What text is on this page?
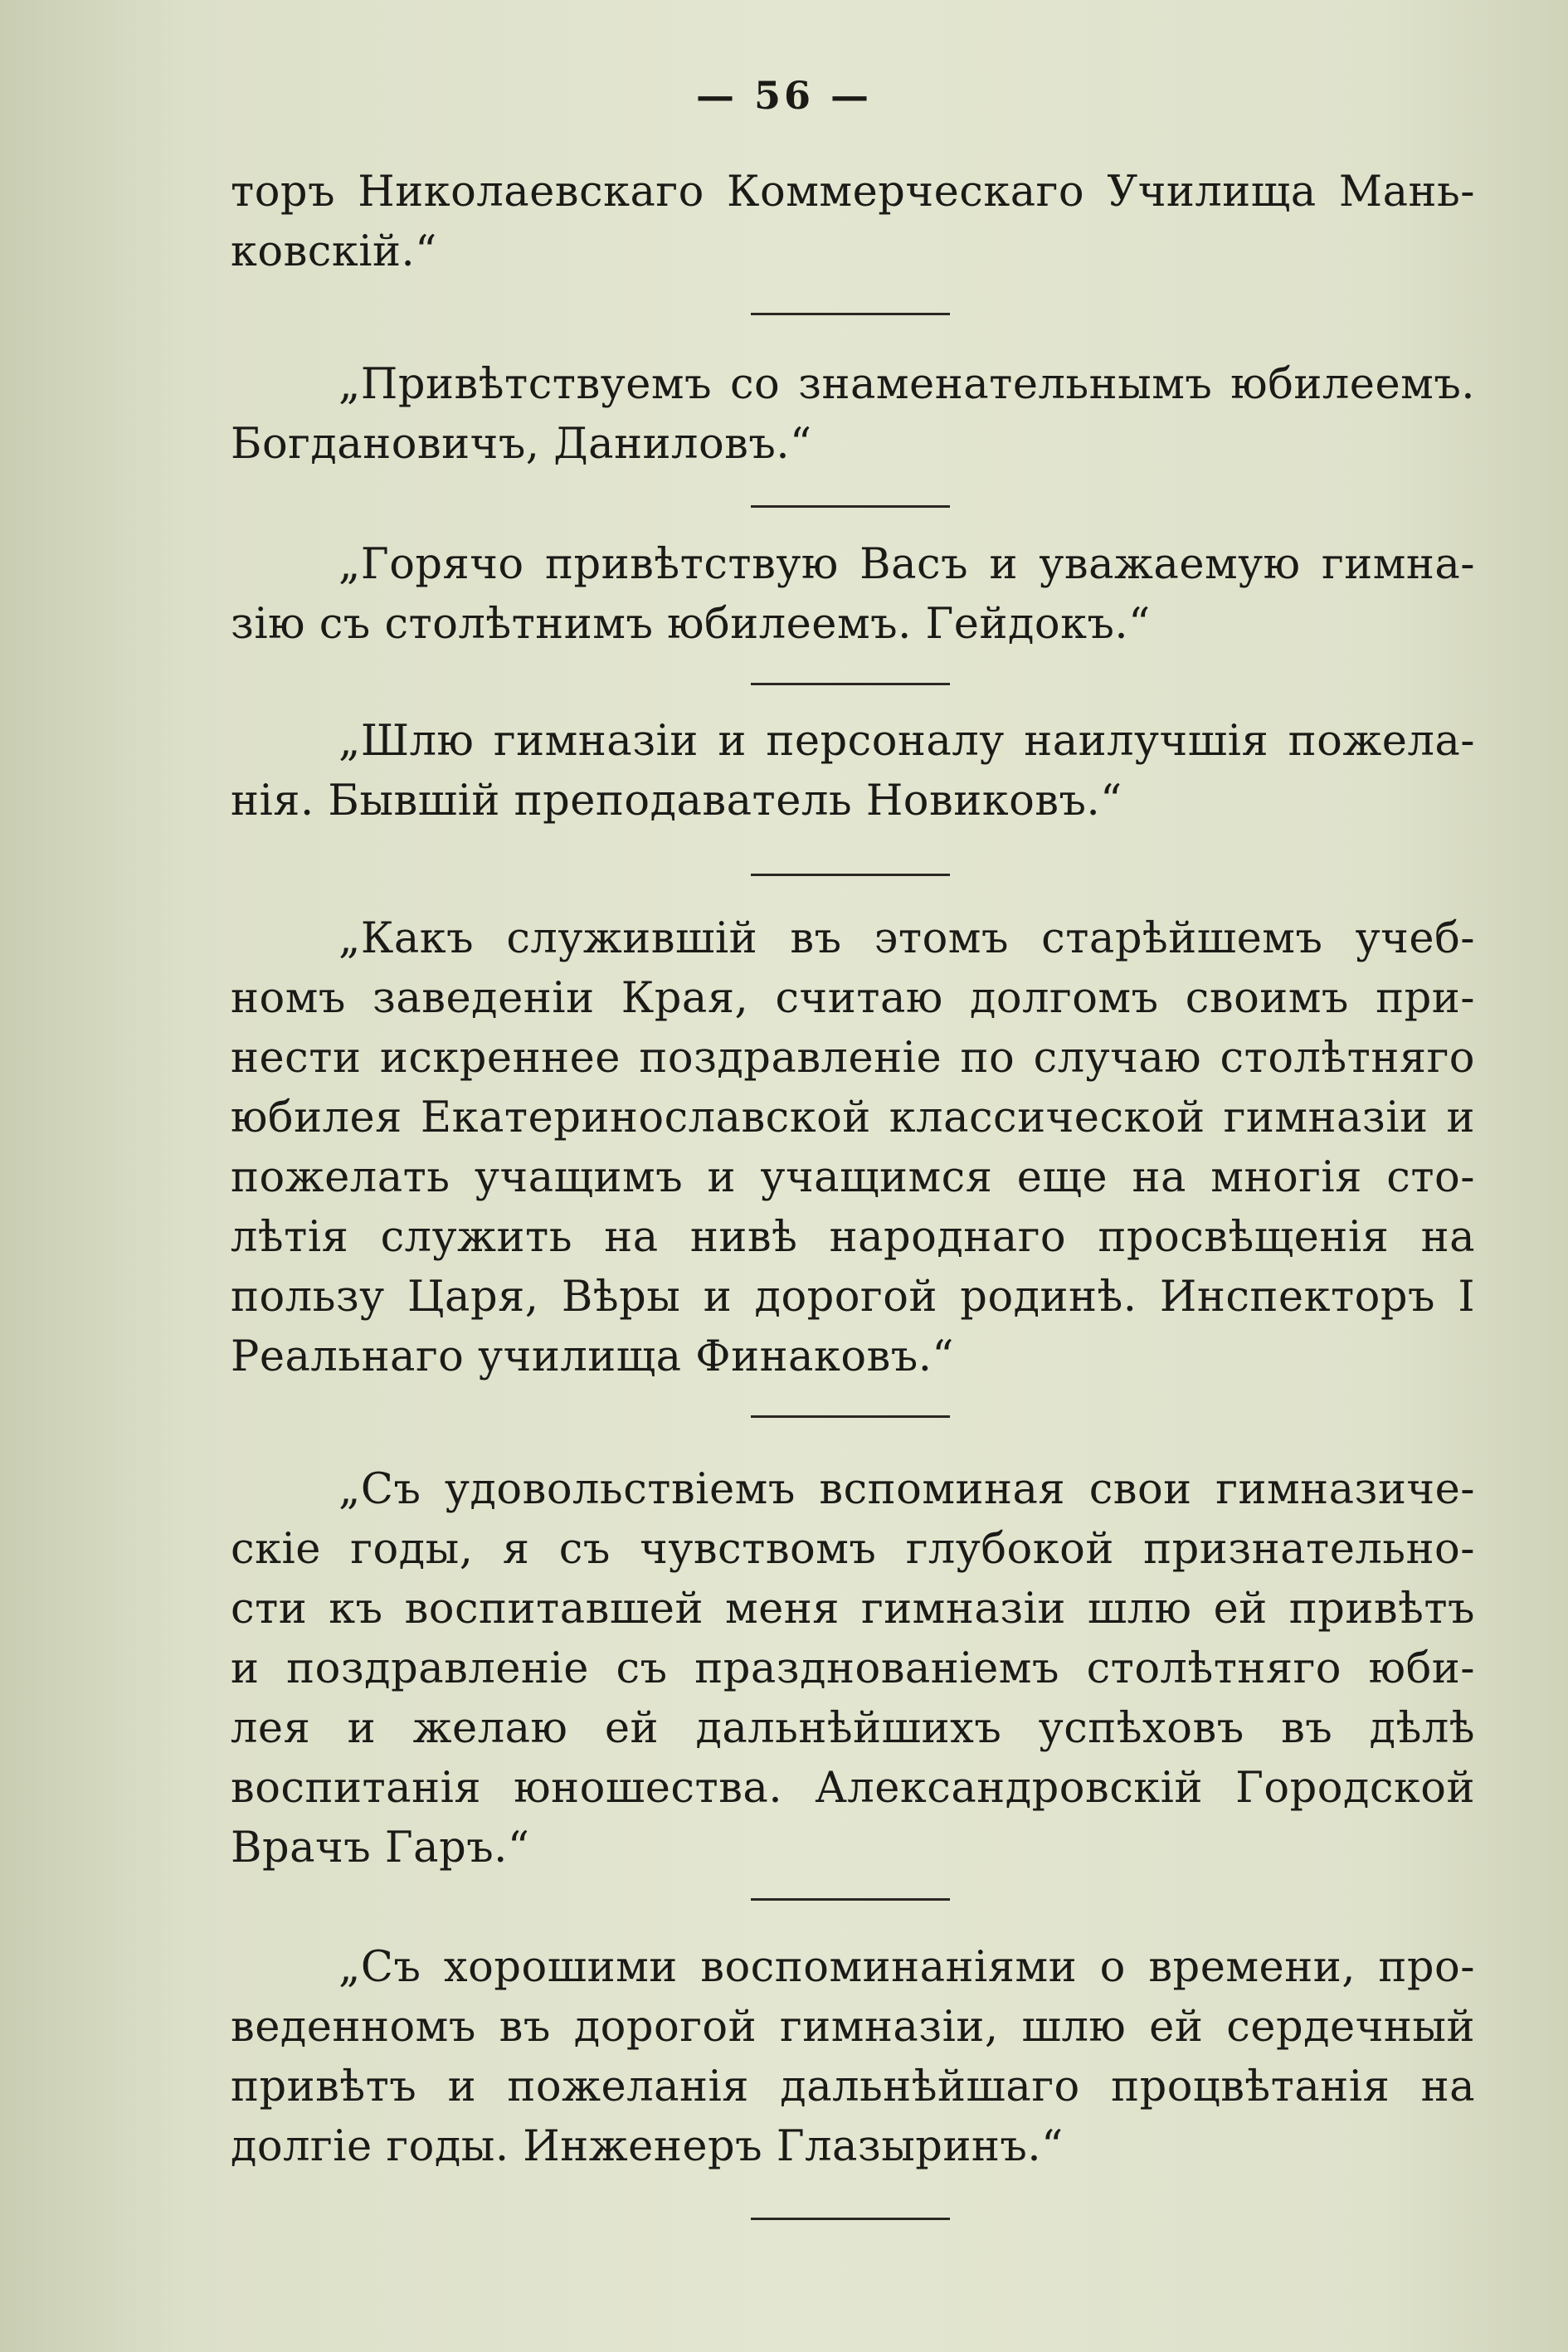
— 56 —
торъ Николаевскаго Коммерческаго Училища Мань-
ковскій.“
„Привѣтствуемъ со знаменательнымъ юбилеемъ.
Богдановичъ, Даниловъ.“
„Горячо привѣтствую Васъ и уважаемую гимна-
зію съ столѣтнимъ юбилеемъ. Гейдокъ.“
„Шлю гимназіи и персоналу наилучшія пожела-
нія. Бывшій преподаватель Новиковъ.“
„Какъ служившій въ этомъ старѣйшемъ учеб-
номъ заведеніи Края, считаю долгомъ своимъ при-
нести искреннее поздравленіе по случаю столѣтняго
юбилея Екатеринославской классической гимназіи и
пожелать учащимъ и учащимся еще на многія сто-
лѣтія служить на нивѣ народнаго просвѣщенія на
пользу Царя, Вѣры и дорогой родинѣ. Инспекторъ I
Реальнаго училища Финаковъ.“
„Съ удовольствіемъ вспоминая свои гимназиче-
скіе годы, я съ чувствомъ глубокой признательно-
сти къ воспитавшей меня гимназіи шлю ей привѣтъ
и поздравленіе съ празднованіемъ столѣтняго юби-
лея и желаю ей дальнѣйшихъ успѣховъ въ дѣлѣ
воспитанія юношества. Александровскій Городской
Врачъ Гаръ.“
„Съ хорошими воспоминаніями о времени, про-
веденномъ въ дорогой гимназіи, шлю ей сердечный
привѣтъ и пожеланія дальнѣйшаго процвѣтанія на
долгіе годы. Инженеръ Глазыринъ.“
